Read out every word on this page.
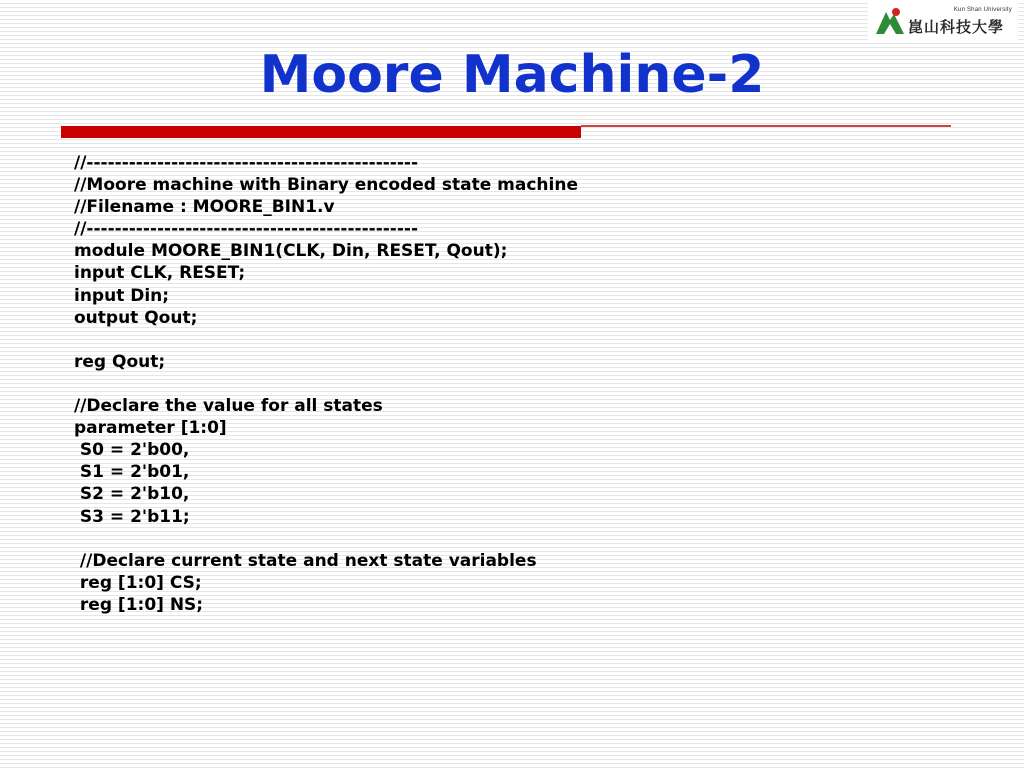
Kun Shan University
崑山科技大學
Moore Machine-2
//-----------------------------------------------
//Moore machine with Binary encoded state machine
//Filename : MOORE_BIN1.v
//-----------------------------------------------
module MOORE_BIN1(CLK, Din, RESET, Qout);
input CLK, RESET;
input Din;
output Qout;
reg Qout;
//Declare the value for all states
parameter [1:0]
S0 = 2'b00,
S1 = 2'b01,
S2 = 2'b10,
S3 = 2'b11;
//Declare current state and next state variables
reg [1:0] CS;
reg [1:0] NS;
